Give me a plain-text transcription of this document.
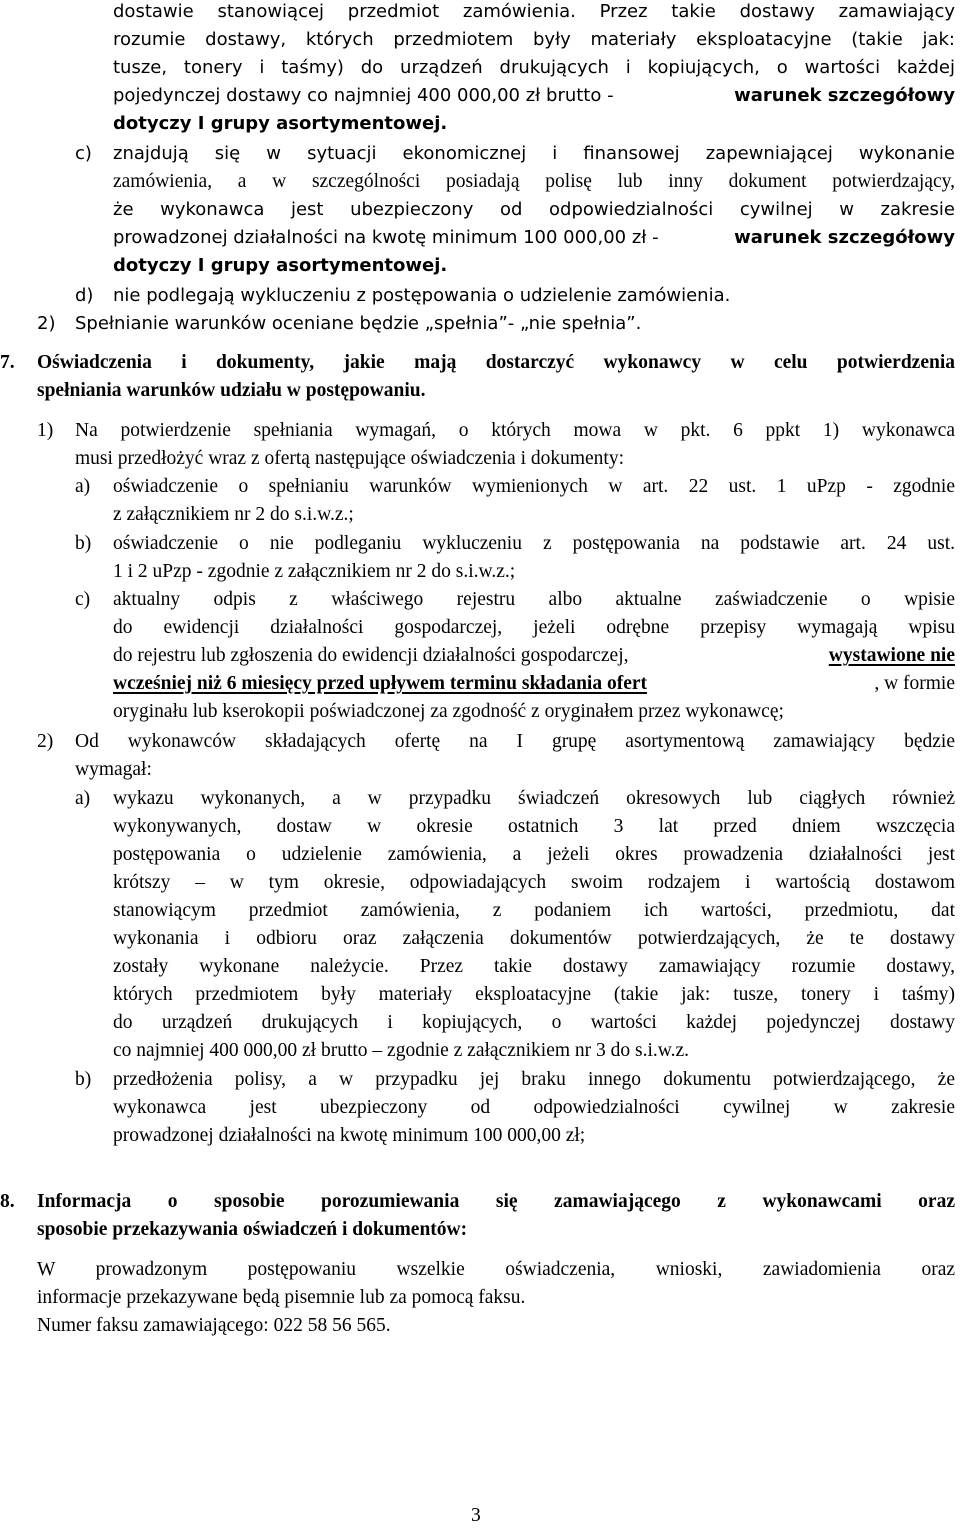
dostawie stanowiącej przedmiot zamówienia. Przez takie dostawy zamawiający
rozumie dostawy, których przedmiotem były materiały eksploatacyjne (takie jak:
tusze, tonery i taśmy) do urządzeń drukujących i kopiujących, o wartości każdej
pojedynczej dostawy co najmniej 400 000,00 zł brutto -	warunek szczegółowy
dotyczy I grupy asortymentowej.
c) znajdują się w sytuacji ekonomicznej i finansowej zapewniającej wykonanie
zamówienia, a w szczególności posiadają polisę lub inny dokument potwierdzający,
że wykonawca jest ubezpieczony od odpowiedzialności cywilnej w zakresie
prowadzonej działalności na kwotę minimum 100 000,00 zł -	warunek szczegółowy
dotyczy I grupy asortymentowej.
d) nie podlegają wykluczeniu z postępowania o udzielenie zamówienia.
2) Spełnianie warunków oceniane będzie „spełnia”- „nie spełnia”.
7. Oświadczenia i dokumenty, jakie mają dostarczyć wykonawcy w celu potwierdzenia
spełniania warunków udziału w postępowaniu.
1) Na potwierdzenie spełniania wymagań, o których mowa w pkt. 6 ppkt 1) wykonawca
musi przedłożyć wraz z ofertą następujące oświadczenia i dokumenty:
a) oświadczenie o spełnianiu warunków wymienionych w art. 22 ust. 1 uPzp - zgodnie
z załącznikiem nr 2 do s.i.w.z.;
b) oświadczenie o nie podleganiu wykluczeniu z postępowania na podstawie art. 24 ust.
1 i 2 uPzp - zgodnie z załącznikiem nr 2 do s.i.w.z.;
c) aktualny odpis z właściwego rejestru albo aktualne zaświadczenie o wpisie
do ewidencji działalności gospodarczej, jeżeli odrębne przepisy wymagają wpisu
do rejestru lub zgłoszenia do ewidencji działalności gospodarczej,	wystawione nie
wcześniej niż 6 miesięcy przed upływem terminu składania ofert	, w formie
oryginału lub kserokopii poświadczonej za zgodność z oryginałem przez wykonawcę;
2) Od wykonawców składających ofertę na I grupę asortymentową zamawiający będzie
wymagał:
a) wykazu wykonanych, a w przypadku świadczeń okresowych lub ciągłych również
wykonywanych, dostaw w okresie ostatnich 3 lat przed dniem wszczęcia
postępowania o udzielenie zamówienia, a jeżeli okres prowadzenia działalności jest
krótszy – w tym okresie, odpowiadających swoim rodzajem i wartością dostawom
stanowiącym przedmiot zamówienia, z podaniem ich wartości, przedmiotu, dat
wykonania i odbioru oraz załączenia dokumentów potwierdzających, że te dostawy
zostały wykonane należycie. Przez takie dostawy zamawiający rozumie dostawy,
których przedmiotem były materiały eksploatacyjne (takie jak: tusze, tonery i taśmy)
do urządzeń drukujących i kopiujących, o wartości każdej pojedynczej dostawy
co najmniej 400 000,00 zł brutto – zgodnie z załącznikiem nr 3 do s.i.w.z.
b) przedłożenia polisy, a w przypadku jej braku innego dokumentu potwierdzającego, że
wykonawca jest ubezpieczony od odpowiedzialności cywilnej w zakresie
prowadzonej działalności na kwotę minimum 100 000,00 zł;
8. Informacja o sposobie porozumiewania się zamawiającego z wykonawcami oraz
sposobie przekazywania oświadczeń i dokumentów:
W prowadzonym postępowaniu wszelkie oświadczenia, wnioski, zawiadomienia oraz
informacje przekazywane będą pisemnie lub za pomocą faksu.
Numer faksu zamawiającego: 022 58 56 565.
3
